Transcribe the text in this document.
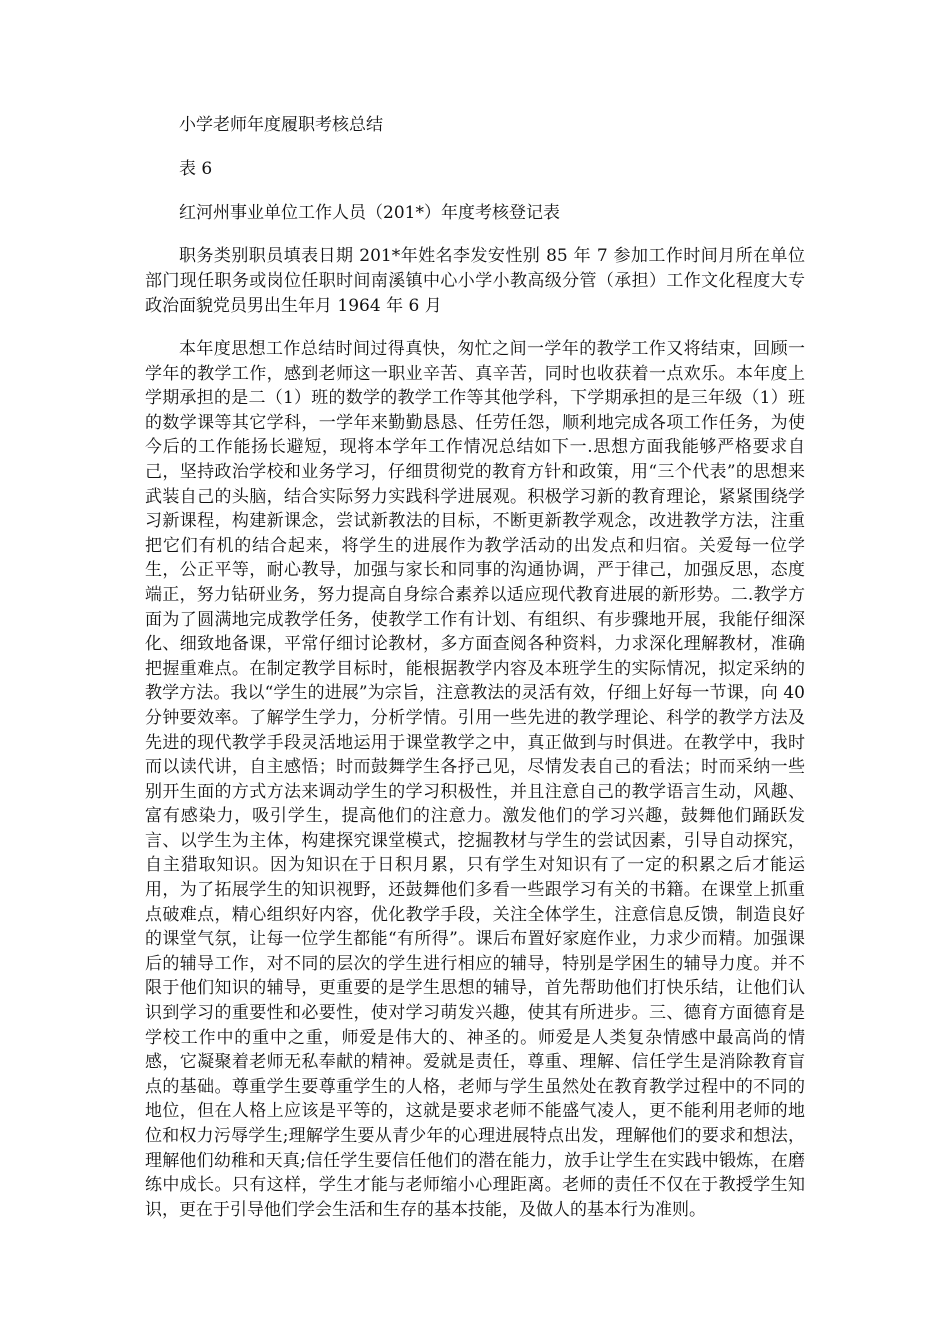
小学老师年度履职考核总结

表 6

红河州事业单位工作人员（201*）年度考核登记表

职务类别职员填表日期 201*年姓名李发安性别 85 年 7 参加工作时间月所在单位部门现任职务或岗位任职时间南溪镇中心小学小教高级分管（承担）工作文化程度大专政治面貌党员男出生年月 1964 年 6 月

本年度思想工作总结时间过得真快，匆忙之间一学年的教学工作又将结束，回顾一学年的教学工作，感到老师这一职业辛苦、真辛苦，同时也收获着一点欢乐。本年度上学期承担的是二（1）班的数学的教学工作等其他学科，下学期承担的是三年级（1）班的数学课等其它学科，一学年来勤勤恳恳、任劳任怨，顺利地完成各项工作任务，为使今后的工作能扬长避短，现将本学年工作情况总结如下一.思想方面我能够严格要求自己，坚持政治学校和业务学习，仔细贯彻党的教育方针和政策，用“三个代表”的思想来武装自己的头脑，结合实际努力实践科学进展观。积极学习新的教育理论，紧紧围绕学习新课程，构建新课念，尝试新教法的目标，不断更新教学观念，改进教学方法，注重把它们有机的结合起来，将学生的进展作为教学活动的出发点和归宿。关爱每一位学生，公正平等，耐心教导，加强与家长和同事的沟通协调，严于律己，加强反思，态度端正，努力钻研业务，努力提高自身综合素养以适应现代教育进展的新形势。二.教学方面为了圆满地完成教学任务，使教学工作有计划、有组织、有步骤地开展，我能仔细深化、细致地备课，平常仔细讨论教材，多方面查阅各种资料，力求深化理解教材，准确把握重难点。在制定教学目标时，能根据教学内容及本班学生的实际情况，拟定采纳的教学方法。我以“学生的进展”为宗旨，注意教法的灵活有效，仔细上好每一节课，向 40 分钟要效率。了解学生学力，分析学情。引用一些先进的教学理论、科学的教学方法及先进的现代教学手段灵活地运用于课堂教学之中，真正做到与时俱进。在教学中，我时而以读代讲，自主感悟；时而鼓舞学生各抒己见，尽情发表自己的看法；时而采纳一些别开生面的方式方法来调动学生的学习积极性，并且注意自己的教学语言生动，风趣、富有感染力，吸引学生，提高他们的注意力。激发他们的学习兴趣，鼓舞他们踊跃发言、以学生为主体，构建探究课堂模式，挖掘教材与学生的尝试因素，引导自动探究，自主猎取知识。因为知识在于日积月累，只有学生对知识有了一定的积累之后才能运用，为了拓展学生的知识视野，还鼓舞他们多看一些跟学习有关的书籍。在课堂上抓重点破难点，精心组织好内容，优化教学手段，关注全体学生，注意信息反馈，制造良好的课堂气氛，让每一位学生都能“有所得”。课后布置好家庭作业，力求少而精。加强课后的辅导工作，对不同的层次的学生进行相应的辅导，特别是学困生的辅导力度。并不限于他们知识的辅导，更重要的是学生思想的辅导，首先帮助他们打快乐结，让他们认识到学习的重要性和必要性，使对学习萌发兴趣，使其有所进步。三、德育方面德育是学校工作中的重中之重，师爱是伟大的、神圣的。师爱是人类复杂情感中最高尚的情感，它凝聚着老师无私奉献的精神。爱就是责任，尊重、理解、信任学生是消除教育盲点的基础。尊重学生要尊重学生的人格，老师与学生虽然处在教育教学过程中的不同的地位，但在人格上应该是平等的，这就是要求老师不能盛气凌人，更不能利用老师的地位和权力污辱学生;理解学生要从青少年的心理进展特点出发，理解他们的要求和想法，理解他们幼稚和天真;信任学生要信任他们的潜在能力，放手让学生在实践中锻炼，在磨练中成长。只有这样，学生才能与老师缩小心理距离。老师的责任不仅在于教授学生知识，更在于引导他们学会生活和生存的基本技能，及做人的基本行为准则。
